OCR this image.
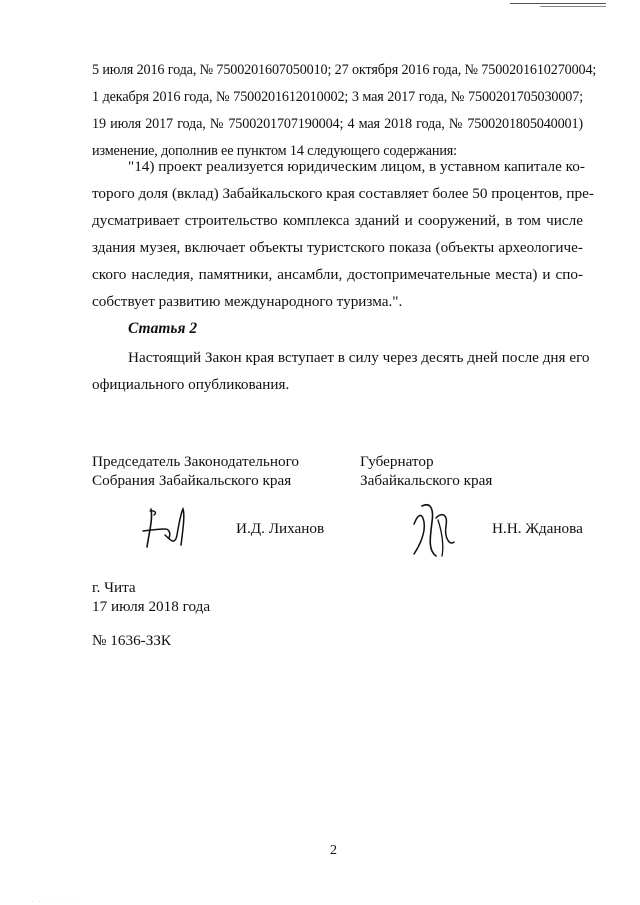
5 июля 2016 года, № 7500201607050010; 27 октября 2016 года, № 7500201610270004;
1 декабря 2016 года, № 7500201612010002; 3 мая 2017 года, № 7500201705030007;
19 июля 2017 года, № 7500201707190004; 4 мая 2018 года, № 7500201805040001)
изменение, дополнив ее пунктом 14 следующего содержания:
"14) проект реализуется юридическим лицом, в уставном капитале ко-
торого доля (вклад) Забайкальского края составляет более 50 процентов, пре-
дусматривает строительство комплекса зданий и сооружений, в том числе
здания музея, включает объекты туристского показа (объекты археологиче-
ского наследия, памятники, ансамбли, достопримечательные места) и спо-
собствует развитию международного туризма.".
Статья 2
Настоящий Закон края вступает в силу через десять дней после дня его
официального опубликования.
Председатель Законодательного
Собрания Забайкальского края
Губернатор
Забайкальского края
И.Д. Лиханов	Н.Н. Жданова
г. Чита
17 июля 2018 года
№ 1636-ЗЗК
2
. . . . . . .
